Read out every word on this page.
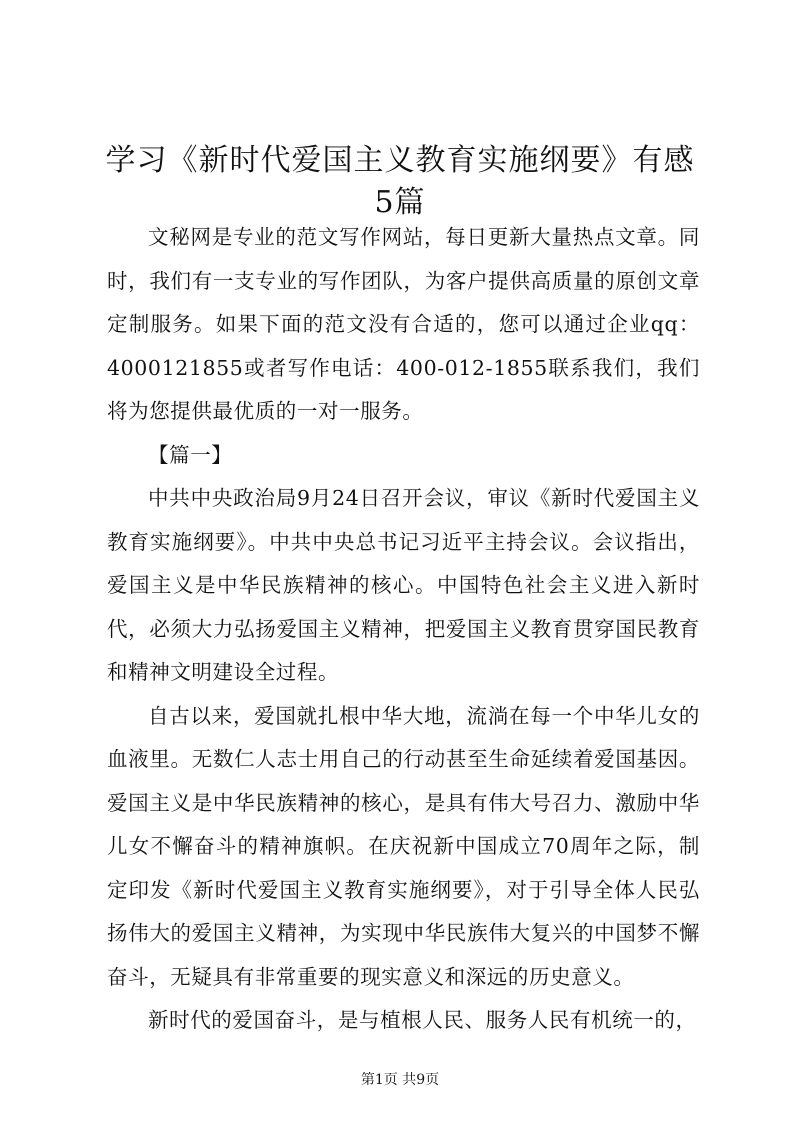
学习《新时代爱国主义教育实施纲要》有感5篇

文秘网是专业的范文写作网站，每日更新大量热点文章。同时，我们有一支专业的写作团队，为客户提供高质量的原创文章定制服务。如果下面的范文没有合适的，您可以通过企业qq：4000121855或者写作电话：400-012-1855联系我们，我们将为您提供最优质的一对一服务。

【篇一】

中共中央政治局9月24日召开会议，审议《新时代爱国主义教育实施纲要》。中共中央总书记习近平主持会议。会议指出，爱国主义是中华民族精神的核心。中国特色社会主义进入新时代，必须大力弘扬爱国主义精神，把爱国主义教育贯穿国民教育和精神文明建设全过程。

自古以来，爱国就扎根中华大地，流淌在每一个中华儿女的血液里。无数仁人志士用自己的行动甚至生命延续着爱国基因。爱国主义是中华民族精神的核心，是具有伟大号召力、激励中华儿女不懈奋斗的精神旗帜。在庆祝新中国成立70周年之际，制定印发《新时代爱国主义教育实施纲要》，对于引导全体人民弘扬伟大的爱国主义精神，为实现中华民族伟大复兴的中国梦不懈奋斗，无疑具有非常重要的现实意义和深远的历史意义。

新时代的爱国奋斗，是与植根人民、服务人民有机统一的，

第1页 共9页
